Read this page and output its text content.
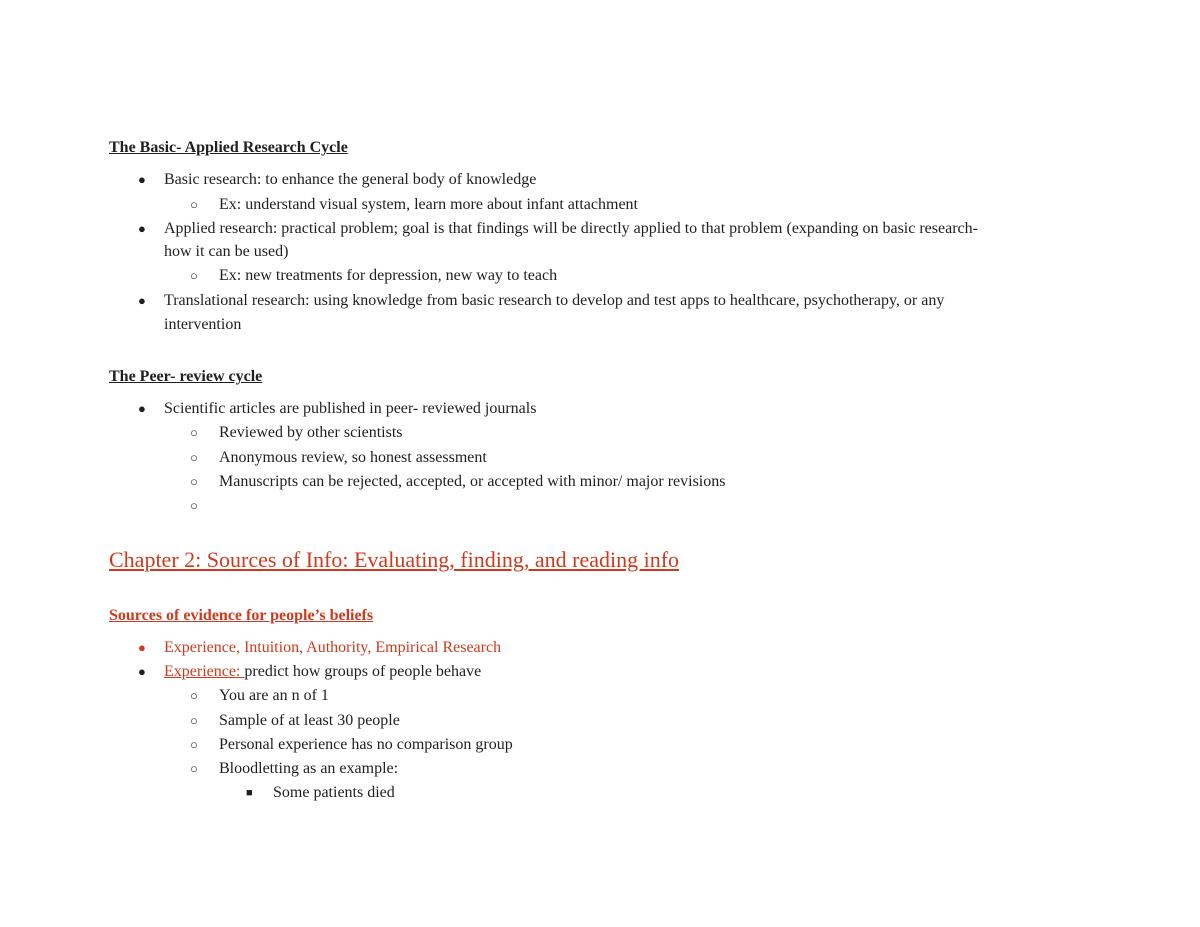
The Basic- Applied Research Cycle
● Basic research: to enhance the general body of knowledge
○ Ex: understand visual system, learn more about infant attachment
● Applied research: practical problem; goal is that findings will be directly applied to that problem (expanding on basic research-
how it can be used)
○ Ex: new treatments for depression, new way to teach
● Translational research: using knowledge from basic research to develop and test apps to healthcare, psychotherapy, or any
intervention
The Peer- review cycle
● Scientific articles are published in peer- reviewed journals
○ Reviewed by other scientists
○ Anonymous review, so honest assessment
○ Manuscripts can be rejected, accepted, or accepted with minor/ major revisions
○
Chapter 2: Sources of Info: Evaluating, finding, and reading info
Sources of evidence for people’s beliefs
● Experience, Intuition, Authority, Empirical Research
● Experience: predict how groups of people behave
○ You are an n of 1
○ Sample of at least 30 people
○ Personal experience has no comparison group
○ Bloodletting as an example:
■ Some patients died
